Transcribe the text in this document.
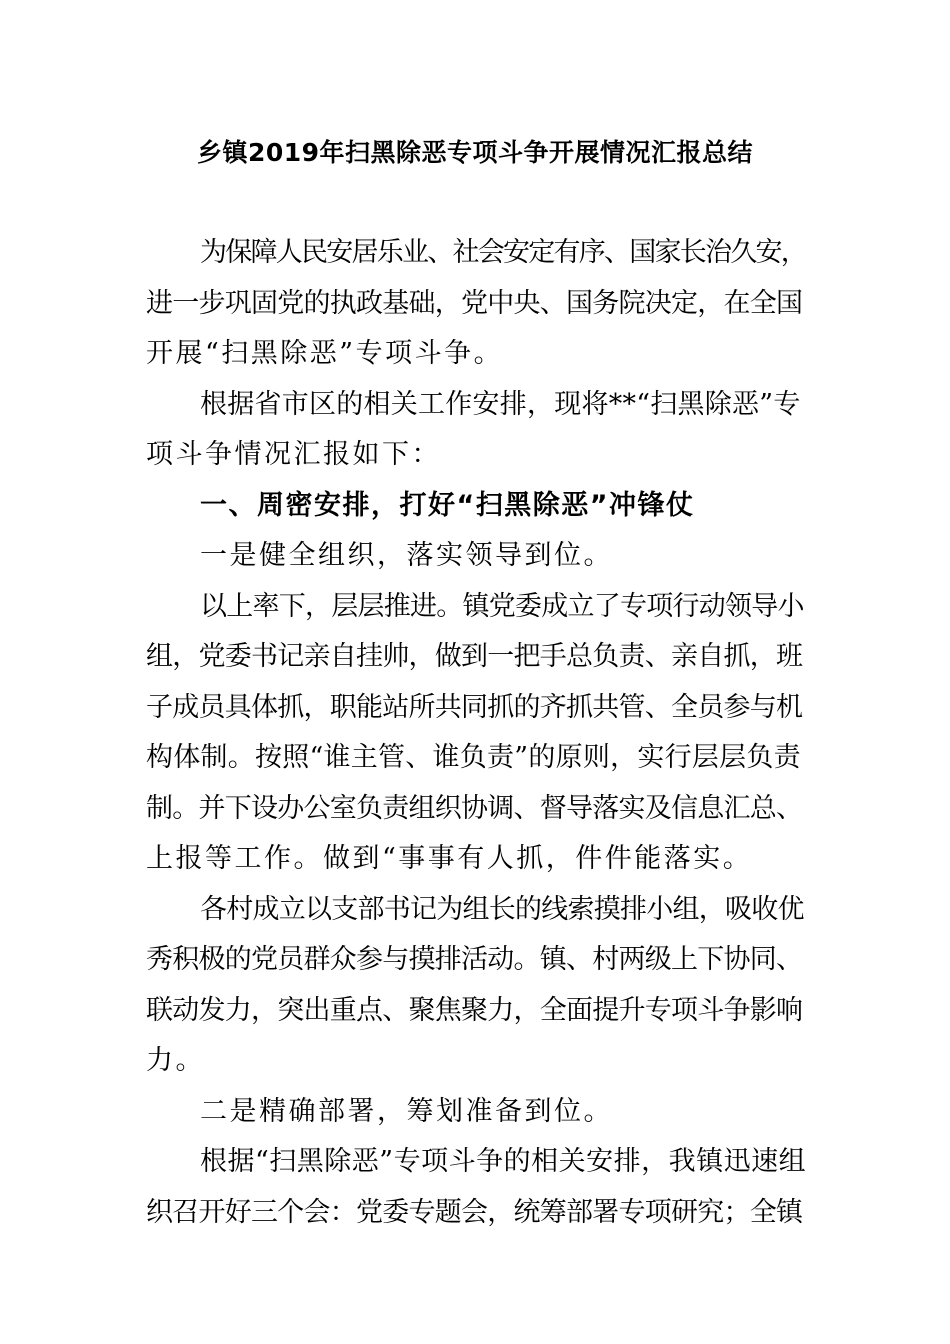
乡镇2019年扫黑除恶专项斗争开展情况汇报总结

为保障人民安居乐业、社会安定有序、国家长治久安，
进一步巩固党的执政基础，党中央、国务院决定，在全国
开展“扫黑除恶”专项斗争。

根据省市区的相关工作安排，现将**“扫黑除恶”专
项斗争情况汇报如下：

一、周密安排，打好“扫黑除恶”冲锋仗

一是健全组织，落实领导到位。

以上率下，层层推进。镇党委成立了专项行动领导小
组，党委书记亲自挂帅，做到一把手总负责、亲自抓，班
子成员具体抓，职能站所共同抓的齐抓共管、全员参与机
构体制。按照“谁主管、谁负责”的原则，实行层层负责
制。并下设办公室负责组织协调、督导落实及信息汇总、
上报等工作。做到“事事有人抓，件件能落实。

各村成立以支部书记为组长的线索摸排小组，吸收优
秀积极的党员群众参与摸排活动。镇、村两级上下协同、
联动发力，突出重点、聚焦聚力，全面提升专项斗争影响
力。

二是精确部署，筹划准备到位。

根据“扫黑除恶”专项斗争的相关安排，我镇迅速组
织召开好三个会：党委专题会，统筹部署专项研究；全镇
